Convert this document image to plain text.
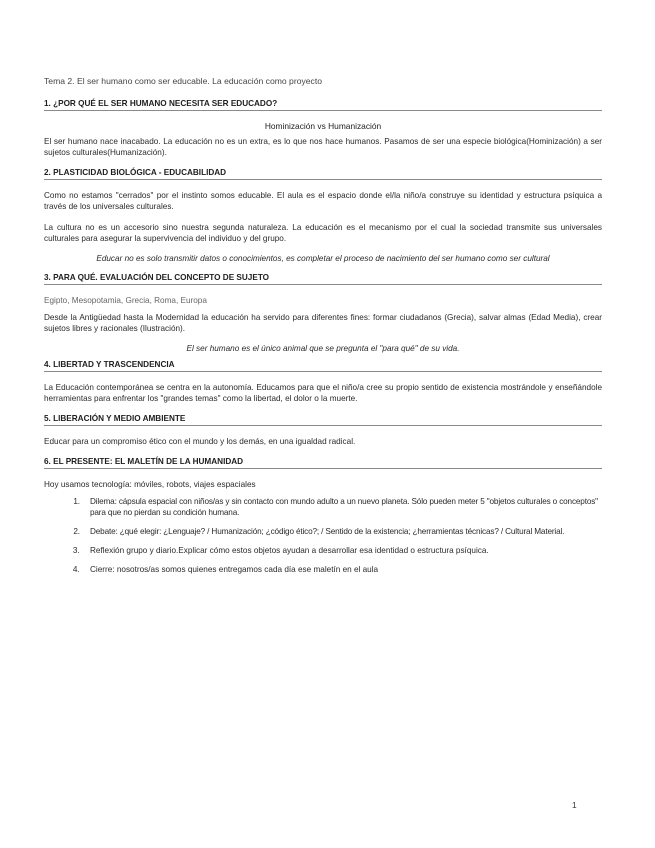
Tema 2. El ser humano como ser educable. La educación como proyecto
1. ¿POR QUÉ EL SER HUMANO NECESITA SER EDUCADO?
Hominización vs Humanización

El ser humano nace inacabado. La educación no es un extra, es lo que nos hace humanos. Pasamos de ser una especie biológica(Hominización) a ser sujetos culturales(Humanización).

2. PLASTICIDAD BIOLÓGICA - EDUCABILIDAD

Como no estamos "cerrados" por el instinto somos educable. El aula es el espacio donde el/la niño/a construye su identidad y estructura psíquica a través de los universales culturales.

La cultura no es un accesorio sino nuestra segunda naturaleza. La educación es el mecanismo por el cual la sociedad transmite sus universales culturales para asegurar la supervivencia del individuo y del grupo.

Educar no es solo transmitir datos o conocimientos, es completar el proceso de nacimiento del ser humano como ser cultural
3. PARA QUÉ. EVALUACIÓN DEL CONCEPTO DE SUJETO

Egipto, Mesopotamia, Grecia, Roma, Europa

Desde la Antigüedad hasta la Modernidad la educación ha servido para diferentes fines: formar ciudadanos (Grecia), salvar almas (Edad Media), crear sujetos libres y racionales (Ilustración).

El ser humano es el único animal que se pregunta el "para qué" de su vida.
4. LIBERTAD Y TRASCENDENCIA

La Educación contemporánea se centra en la autonomía. Educamos para que el niño/a cree su propio sentido de existencia mostrándole y enseñándole herramientas para enfrentar los "grandes temas" como la libertad, el dolor o la muerte.

5. LIBERACIÓN Y MEDIO AMBIENTE

Educar para un compromiso ético con el mundo y los demás, en una igualdad radical.

6. EL PRESENTE: EL MALETÍN DE LA HUMANIDAD

Hoy usamos tecnología: móviles, robots, viajes espaciales

1. Dilema: cápsula espacial con niños/as y sin contacto con mundo adulto a un nuevo planeta. Sólo pueden meter 5 "objetos culturales o conceptos" para que no pierdan su condición humana.
2. Debate: ¿qué elegir: ¿Lenguaje? / Humanización; ¿código ético?; / Sentido de la existencia; ¿herramientas técnicas? / Cultural Material.
3. Reflexión grupo y diario.Explicar cómo estos objetos ayudan a desarrollar esa identidad o estructura psíquica.
4. Cierre: nosotros/as somos quienes entregamos cada día ese maletín en el aula
1
